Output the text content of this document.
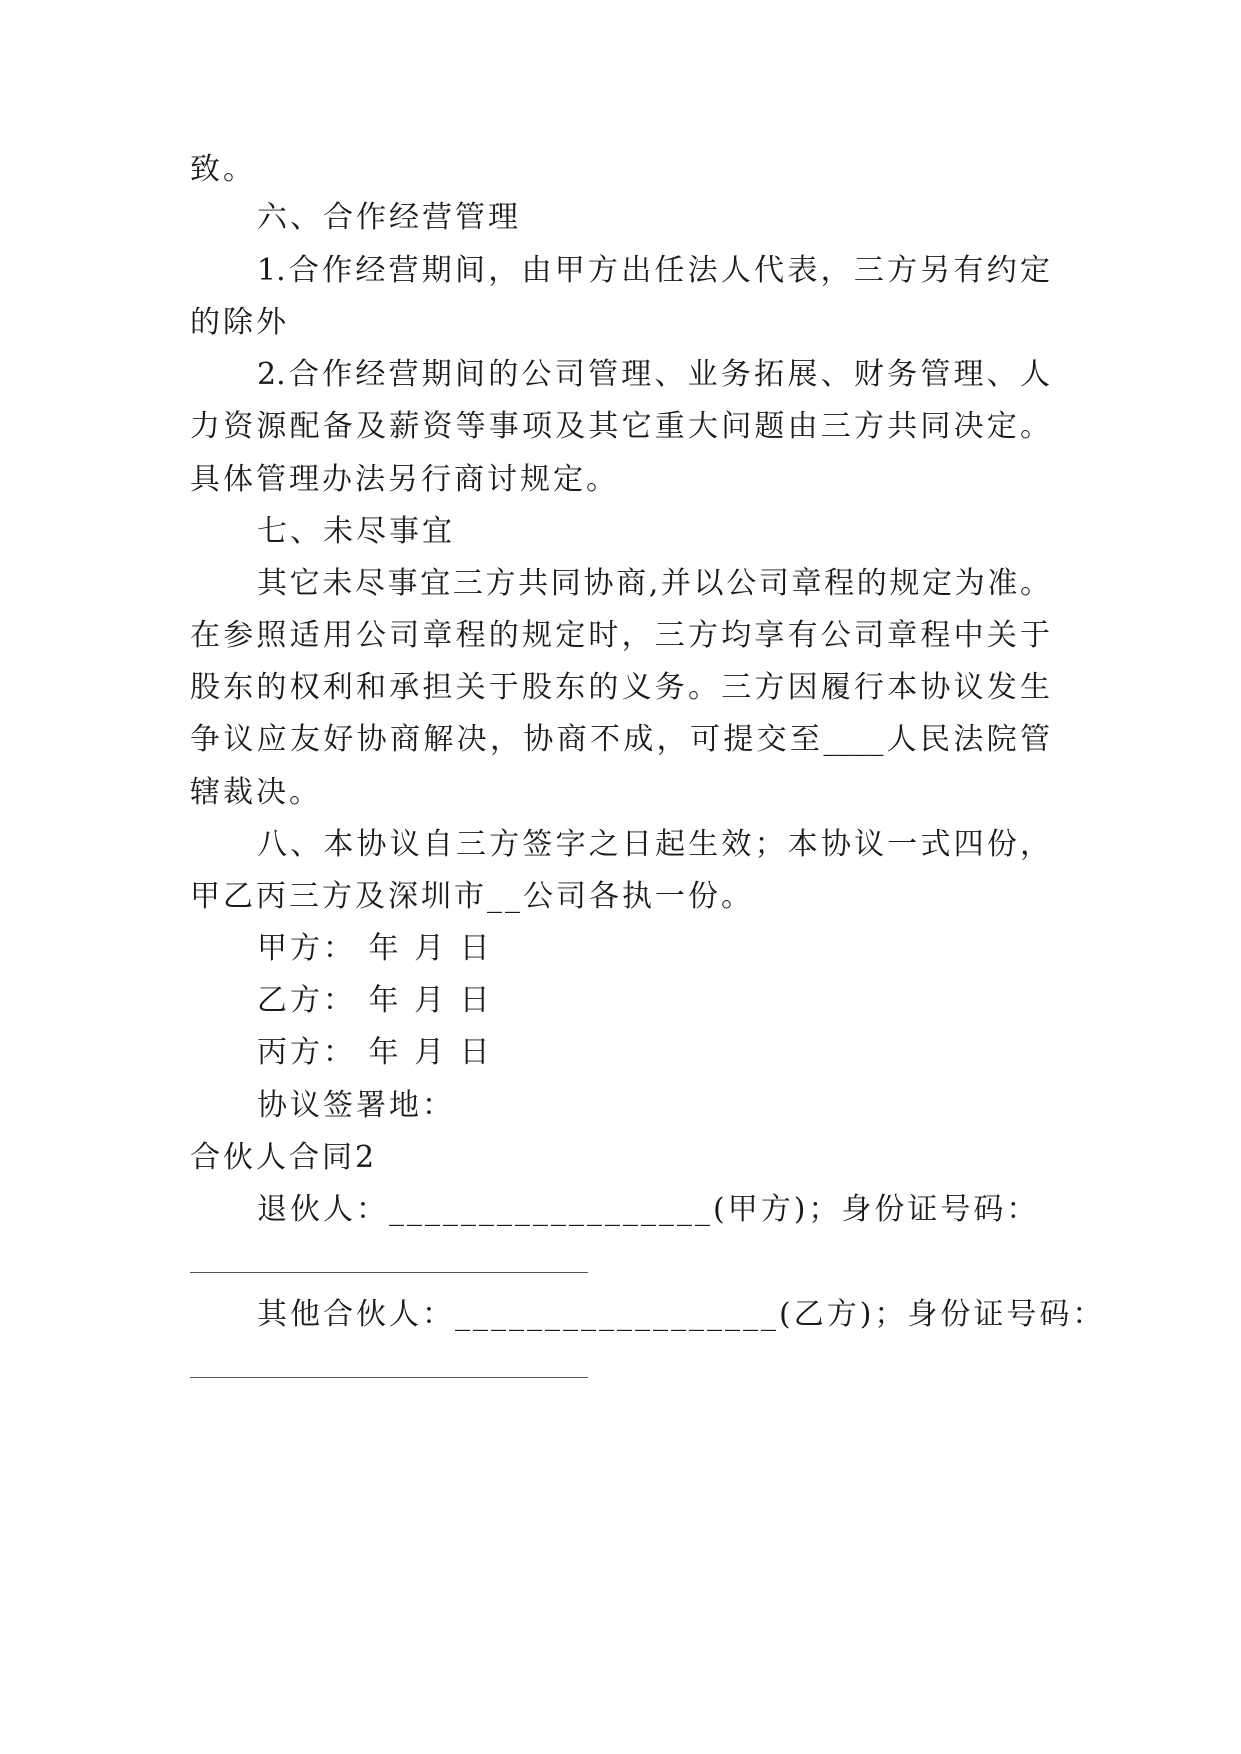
致。
六、合作经营管理
1.合作经营期间，由甲方出任法人代表，三方另有约定
的除外
2.合作经营期间的公司管理、业务拓展、财务管理、人
力资源配备及薪资等事项及其它重大问题由三方共同决定。
具体管理办法另行商讨规定。
七、未尽事宜
其它未尽事宜三方共同协商,并以公司章程的规定为准。
在参照适用公司章程的规定时，三方均享有公司章程中关于
股东的权利和承担关于股东的义务。三方因履行本协议发生
争议应友好协商解决，协商不成，可提交至____人民法院管
辖裁决。
八、本协议自三方签字之日起生效；本协议一式四份，
甲乙丙三方及深圳市__公司各执一份。
甲方： 年 月 日
乙方： 年 月 日
丙方： 年 月 日
协议签署地：
合伙人合同2
退伙人：__________________(甲方)；身份证号码：
其他合伙人：__________________(乙方)；身份证号码：
